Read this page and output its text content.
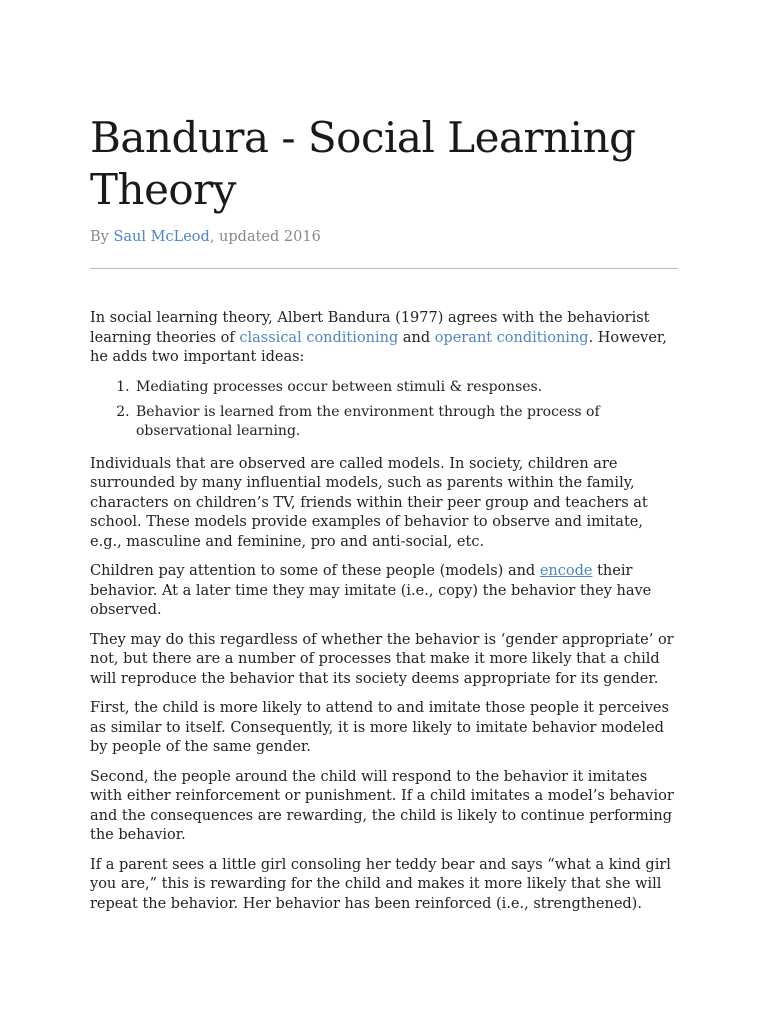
Bandura - Social Learning Theory
By Saul McLeod, updated 2016

In social learning theory, Albert Bandura (1977) agrees with the behaviorist learning theories of classical conditioning and operant conditioning. However, he adds two important ideas:

1. Mediating processes occur between stimuli & responses.
2. Behavior is learned from the environment through the process of observational learning.

Individuals that are observed are called models. In society, children are surrounded by many influential models, such as parents within the family, characters on children’s TV, friends within their peer group and teachers at school. These models provide examples of behavior to observe and imitate, e.g., masculine and feminine, pro and anti-social, etc.

Children pay attention to some of these people (models) and encode their behavior. At a later time they may imitate (i.e., copy) the behavior they have observed.

They may do this regardless of whether the behavior is ‘gender appropriate’ or not, but there are a number of processes that make it more likely that a child will reproduce the behavior that its society deems appropriate for its gender.

First, the child is more likely to attend to and imitate those people it perceives as similar to itself. Consequently, it is more likely to imitate behavior modeled by people of the same gender.

Second, the people around the child will respond to the behavior it imitates with either reinforcement or punishment. If a child imitates a model’s behavior and the consequences are rewarding, the child is likely to continue performing the behavior.

If a parent sees a little girl consoling her teddy bear and says “what a kind girl you are,” this is rewarding for the child and makes it more likely that she will repeat the behavior. Her behavior has been reinforced (i.e., strengthened).
